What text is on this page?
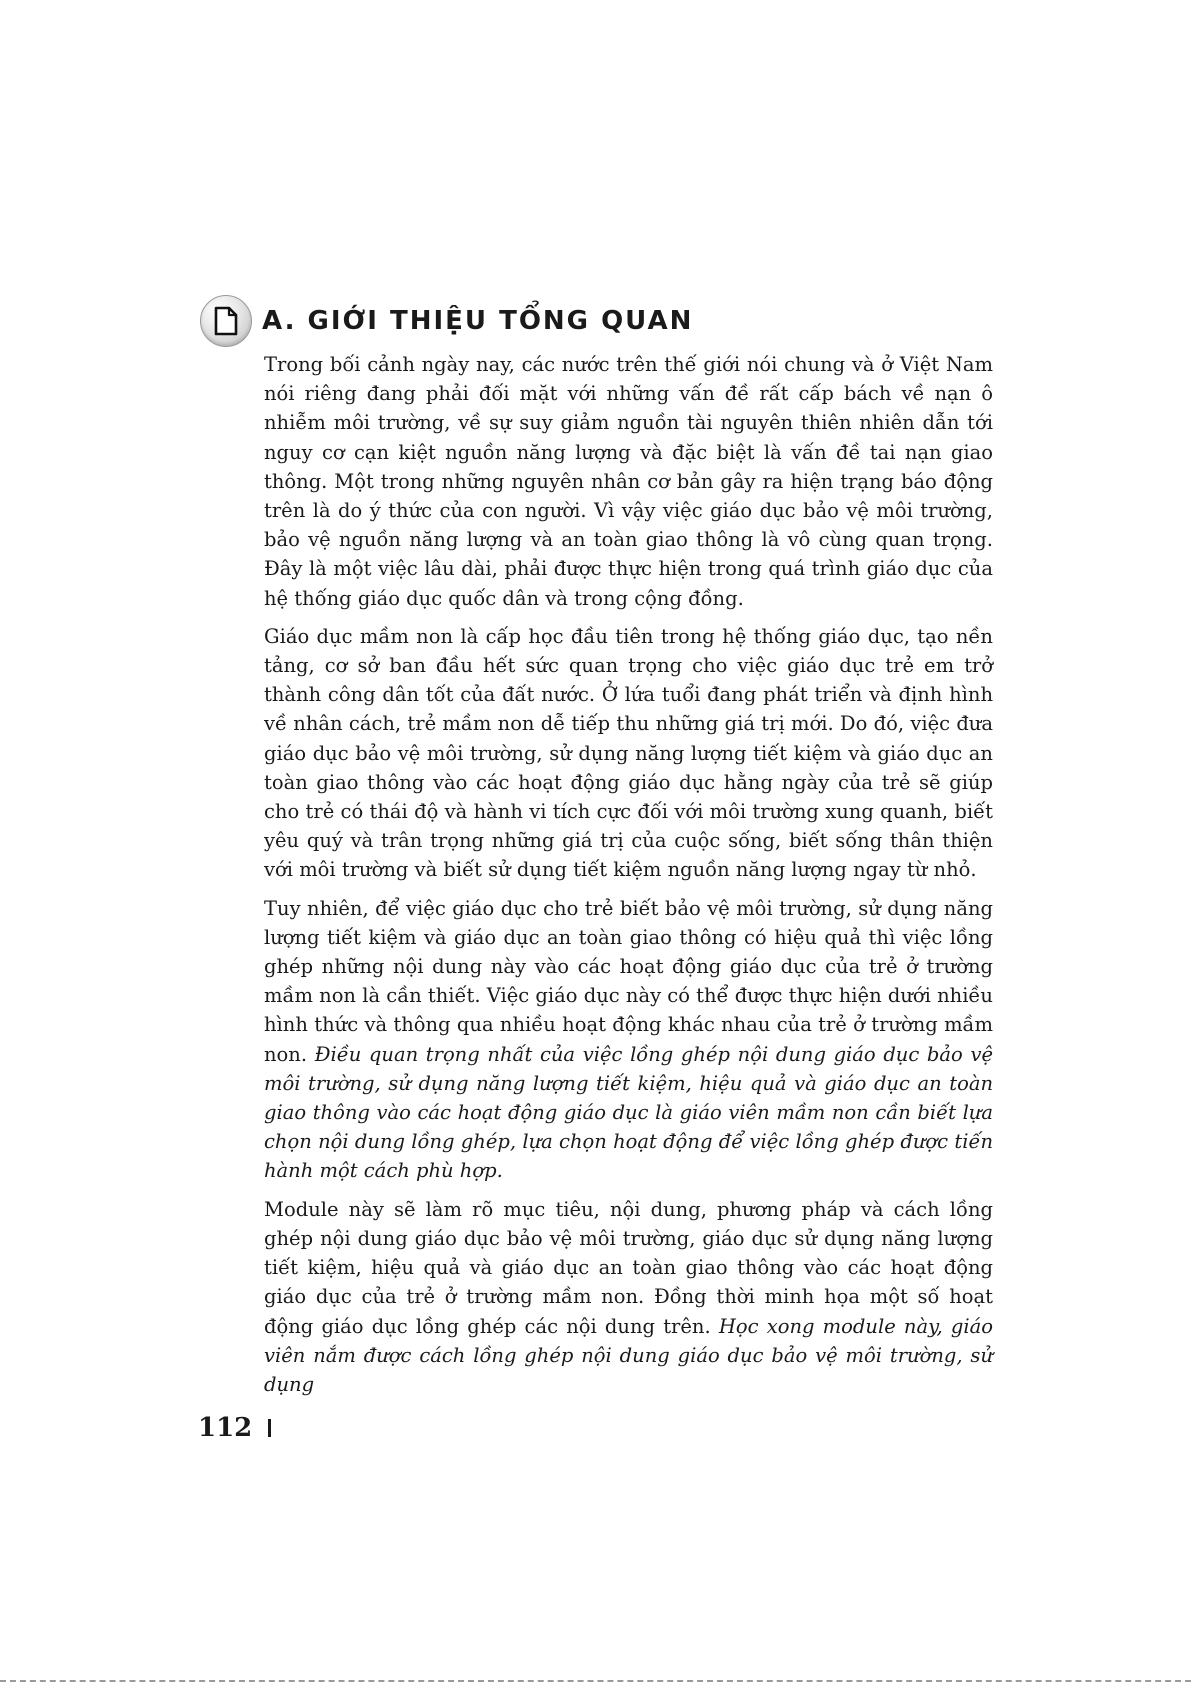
A. GIỚI THIỆU TỔNG QUAN

Trong bối cảnh ngày nay, các nước trên thế giới nói chung và ở Việt Nam nói riêng đang phải đối mặt với những vấn đề rất cấp bách về nạn ô nhiễm môi trường, về sự suy giảm nguồn tài nguyên thiên nhiên dẫn tới nguy cơ cạn kiệt nguồn năng lượng và đặc biệt là vấn đề tai nạn giao thông. Một trong những nguyên nhân cơ bản gây ra hiện trạng báo động trên là do ý thức của con người. Vì vậy việc giáo dục bảo vệ môi trường, bảo vệ nguồn năng lượng và an toàn giao thông là vô cùng quan trọng. Đây là một việc lâu dài, phải được thực hiện trong quá trình giáo dục của hệ thống giáo dục quốc dân và trong cộng đồng.

Giáo dục mầm non là cấp học đầu tiên trong hệ thống giáo dục, tạo nền tảng, cơ sở ban đầu hết sức quan trọng cho việc giáo dục trẻ em trở thành công dân tốt của đất nước. Ở lứa tuổi đang phát triển và định hình về nhân cách, trẻ mầm non dễ tiếp thu những giá trị mới. Do đó, việc đưa giáo dục bảo vệ môi trường, sử dụng năng lượng tiết kiệm và giáo dục an toàn giao thông vào các hoạt động giáo dục hằng ngày của trẻ sẽ giúp cho trẻ có thái độ và hành vi tích cực đối với môi trường xung quanh, biết yêu quý và trân trọng những giá trị của cuộc sống, biết sống thân thiện với môi trường và biết sử dụng tiết kiệm nguồn năng lượng ngay từ nhỏ.

Tuy nhiên, để việc giáo dục cho trẻ biết bảo vệ môi trường, sử dụng năng lượng tiết kiệm và giáo dục an toàn giao thông có hiệu quả thì việc lồng ghép những nội dung này vào các hoạt động giáo dục của trẻ ở trường mầm non là cần thiết. Việc giáo dục này có thể được thực hiện dưới nhiều hình thức và thông qua nhiều hoạt động khác nhau của trẻ ở trường mầm non. Điều quan trọng nhất của việc lồng ghép nội dung giáo dục bảo vệ môi trường, sử dụng năng lượng tiết kiệm, hiệu quả và giáo dục an toàn giao thông vào các hoạt động giáo dục là giáo viên mầm non cần biết lựa chọn nội dung lồng ghép, lựa chọn hoạt động để việc lồng ghép được tiến hành một cách phù hợp.

Module này sẽ làm rõ mục tiêu, nội dung, phương pháp và cách lồng ghép nội dung giáo dục bảo vệ môi trường, giáo dục sử dụng năng lượng tiết kiệm, hiệu quả và giáo dục an toàn giao thông vào các hoạt động giáo dục của trẻ ở trường mầm non. Đồng thời minh họa một số hoạt động giáo dục lồng ghép các nội dung trên. Học xong module này, giáo viên nắm được cách lồng ghép nội dung giáo dục bảo vệ môi trường, sử dụng

112
